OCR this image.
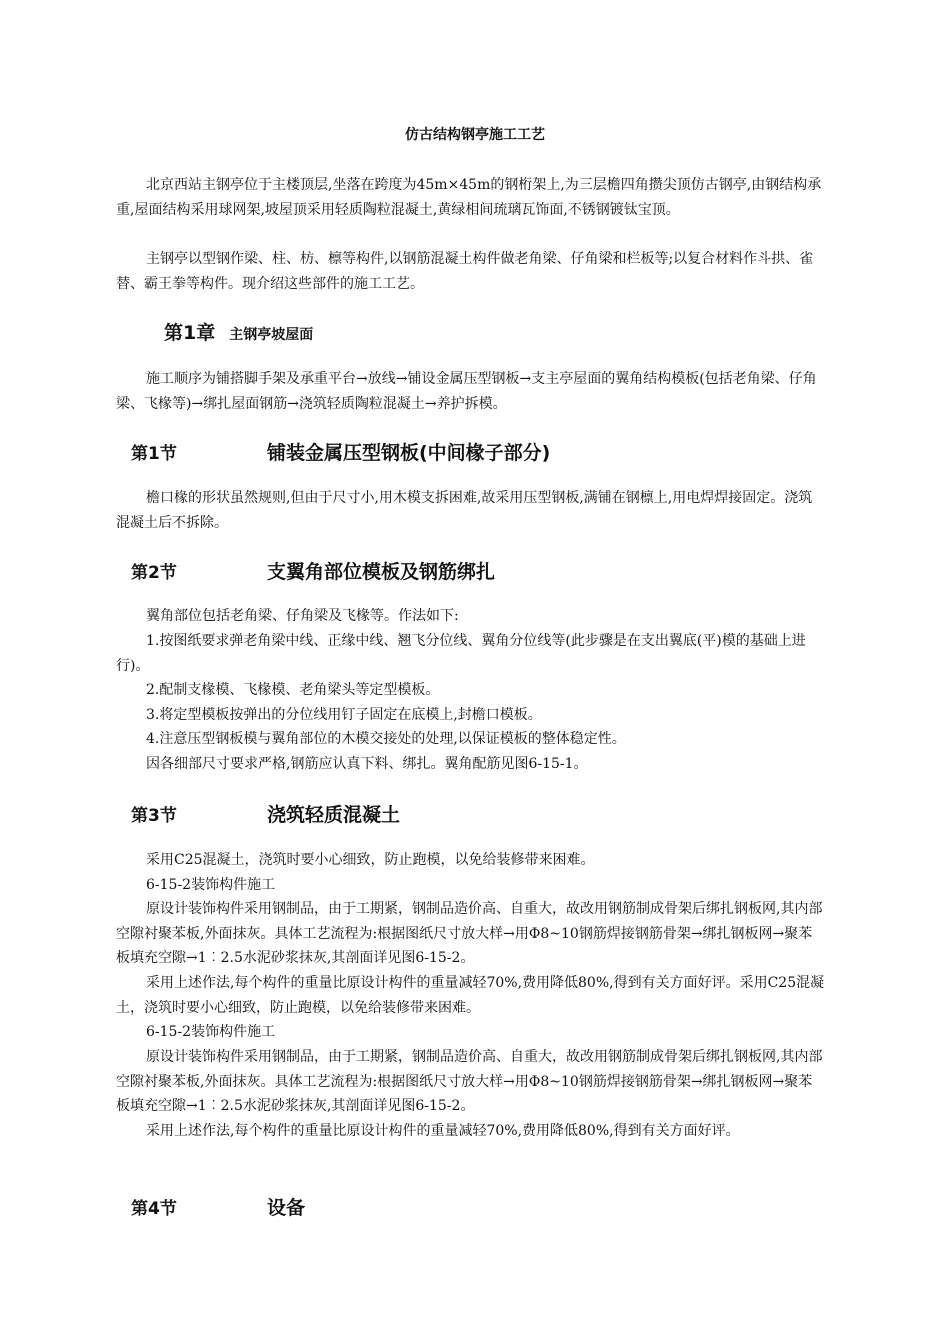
仿古结构钢亭施工工艺

北京西站主钢亭位于主楼顶层,坐落在跨度为45m×45m的钢桁架上,为三层檐四角攒尖顶仿古钢亭,由钢结构承重,屋面结构采用球网架,坡屋顶采用轻质陶粒混凝土,黄绿相间琉璃瓦饰面,不锈钢镀钛宝顶。

主钢亭以型钢作梁、柱、枋、檩等构件,以钢筋混凝土构件做老角梁、仔角梁和栏板等;以复合材料作斗拱、雀替、霸王拳等构件。现介绍这些部件的施工工艺。

第1章 主钢亭坡屋面

施工顺序为铺搭脚手架及承重平台→放线→铺设金属压型钢板→支主亭屋面的翼角结构模板(包括老角梁、仔角梁、飞椽等)→绑扎屋面钢筋→浇筑轻质陶粒混凝土→养护拆模。

第1节	铺装金属压型钢板(中间椽子部分)

檐口椽的形状虽然规则,但由于尺寸小,用木模支拆困难,故采用压型钢板,满铺在钢檩上,用电焊焊接固定。浇筑混凝土后不拆除。

第2节	支翼角部位模板及钢筋绑扎

翼角部位包括老角梁、仔角梁及飞椽等。作法如下:

1.按图纸要求弹老角梁中线、正缘中线、翘飞分位线、翼角分位线等(此步骤是在支出翼底(平)模的基础上进行)。

2.配制支椽模、飞椽模、老角梁头等定型模板。

3.将定型模板按弹出的分位线用钉子固定在底模上,封檐口模板。

4.注意压型钢板模与翼角部位的木模交接处的处理,以保证模板的整体稳定性。

因各细部尺寸要求严格,钢筋应认真下料、绑扎。翼角配筋见图6-15-1。

第3节	浇筑轻质混凝土

采用C25混凝土，浇筑时要小心细致，防止跑模，以免给装修带来困难。

6-15-2装饰构件施工

原设计装饰构件采用钢制品，由于工期紧，钢制品造价高、自重大，故改用钢筋制成骨架后绑扎钢板网,其内部空隙衬聚苯板,外面抹灰。具体工艺流程为:根据图纸尺寸放大样→用Φ8~10钢筋焊接钢筋骨架→绑扎钢板网→聚苯板填充空隙→1︰2.5水泥砂浆抹灰,其剖面详见图6-15-2。

采用上述作法,每个构件的重量比原设计构件的重量减轻70%,费用降低80%,得到有关方面好评。采用C25混凝土，浇筑时要小心细致，防止跑模，以免给装修带来困难。

6-15-2装饰构件施工

原设计装饰构件采用钢制品，由于工期紧，钢制品造价高、自重大，故改用钢筋制成骨架后绑扎钢板网,其内部空隙衬聚苯板,外面抹灰。具体工艺流程为:根据图纸尺寸放大样→用Φ8~10钢筋焊接钢筋骨架→绑扎钢板网→聚苯板填充空隙→1︰2.5水泥砂浆抹灰,其剖面详见图6-15-2。

采用上述作法,每个构件的重量比原设计构件的重量减轻70%,费用降低80%,得到有关方面好评。

第4节	设备
